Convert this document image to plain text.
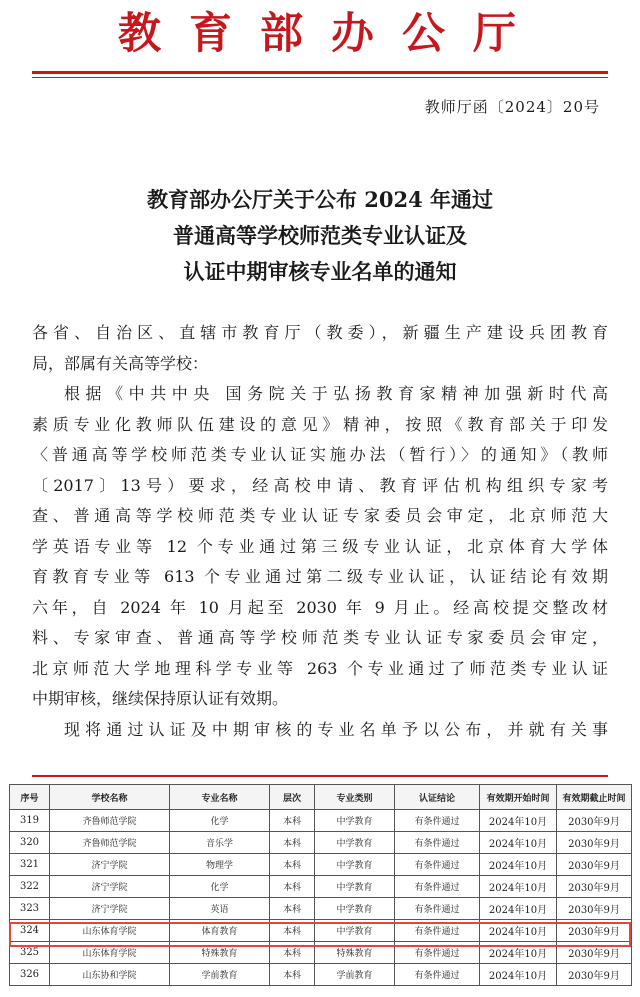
教育部办公厅
教师厅函〔2024〕20号
教育部办公厅关于公布 2024 年通过
普通高等学校师范类专业认证及
认证中期审核专业名单的通知

各省、自治区、直辖市教育厅（教委），新疆生产建设兵团教育

局，部属有关高等学校：

根据《中共中央 国务院关于弘扬教育家精神加强新时代高

素质专业化教师队伍建设的意见》精神，按照《教育部关于印发

〈普通高等学校师范类专业认证实施办法（暂行）〉的通知》（教师

〔2017〕13号）要求，经高校申请、教育评估机构组织专家考

查、普通高等学校师范类专业认证专家委员会审定，北京师范大

学英语专业等 12 个专业通过第三级专业认证，北京体育大学体

育教育专业等 613 个专业通过第二级专业认证，认证结论有效期

六年，自 2024 年 10 月起至 2030 年 9 月止。经高校提交整改材

料、专家审查、普通高等学校师范类专业认证专家委员会审定，

北京师范大学地理科学专业等 263 个专业通过了师范类专业认证

中期审核，继续保持原认证有效期。

现将通过认证及中期审核的专业名单予以公布，并就有关事

序号	学校名称	专业名称	层次	专业类别	认证结论	有效期开始时间	有效期截止时间
319	齐鲁师范学院	化学	本科	中学教育	有条件通过	2024年10月	2030年9月
320	齐鲁师范学院	音乐学	本科	中学教育	有条件通过	2024年10月	2030年9月
321	济宁学院	物理学	本科	中学教育	有条件通过	2024年10月	2030年9月
322	济宁学院	化学	本科	中学教育	有条件通过	2024年10月	2030年9月
323	济宁学院	英语	本科	中学教育	有条件通过	2024年10月	2030年9月
324	山东体育学院	体育教育	本科	中学教育	有条件通过	2024年10月	2030年9月
325	山东体育学院	特殊教育	本科	特殊教育	有条件通过	2024年10月	2030年9月
326	山东协和学院	学前教育	本科	学前教育	有条件通过	2024年10月	2030年9月
